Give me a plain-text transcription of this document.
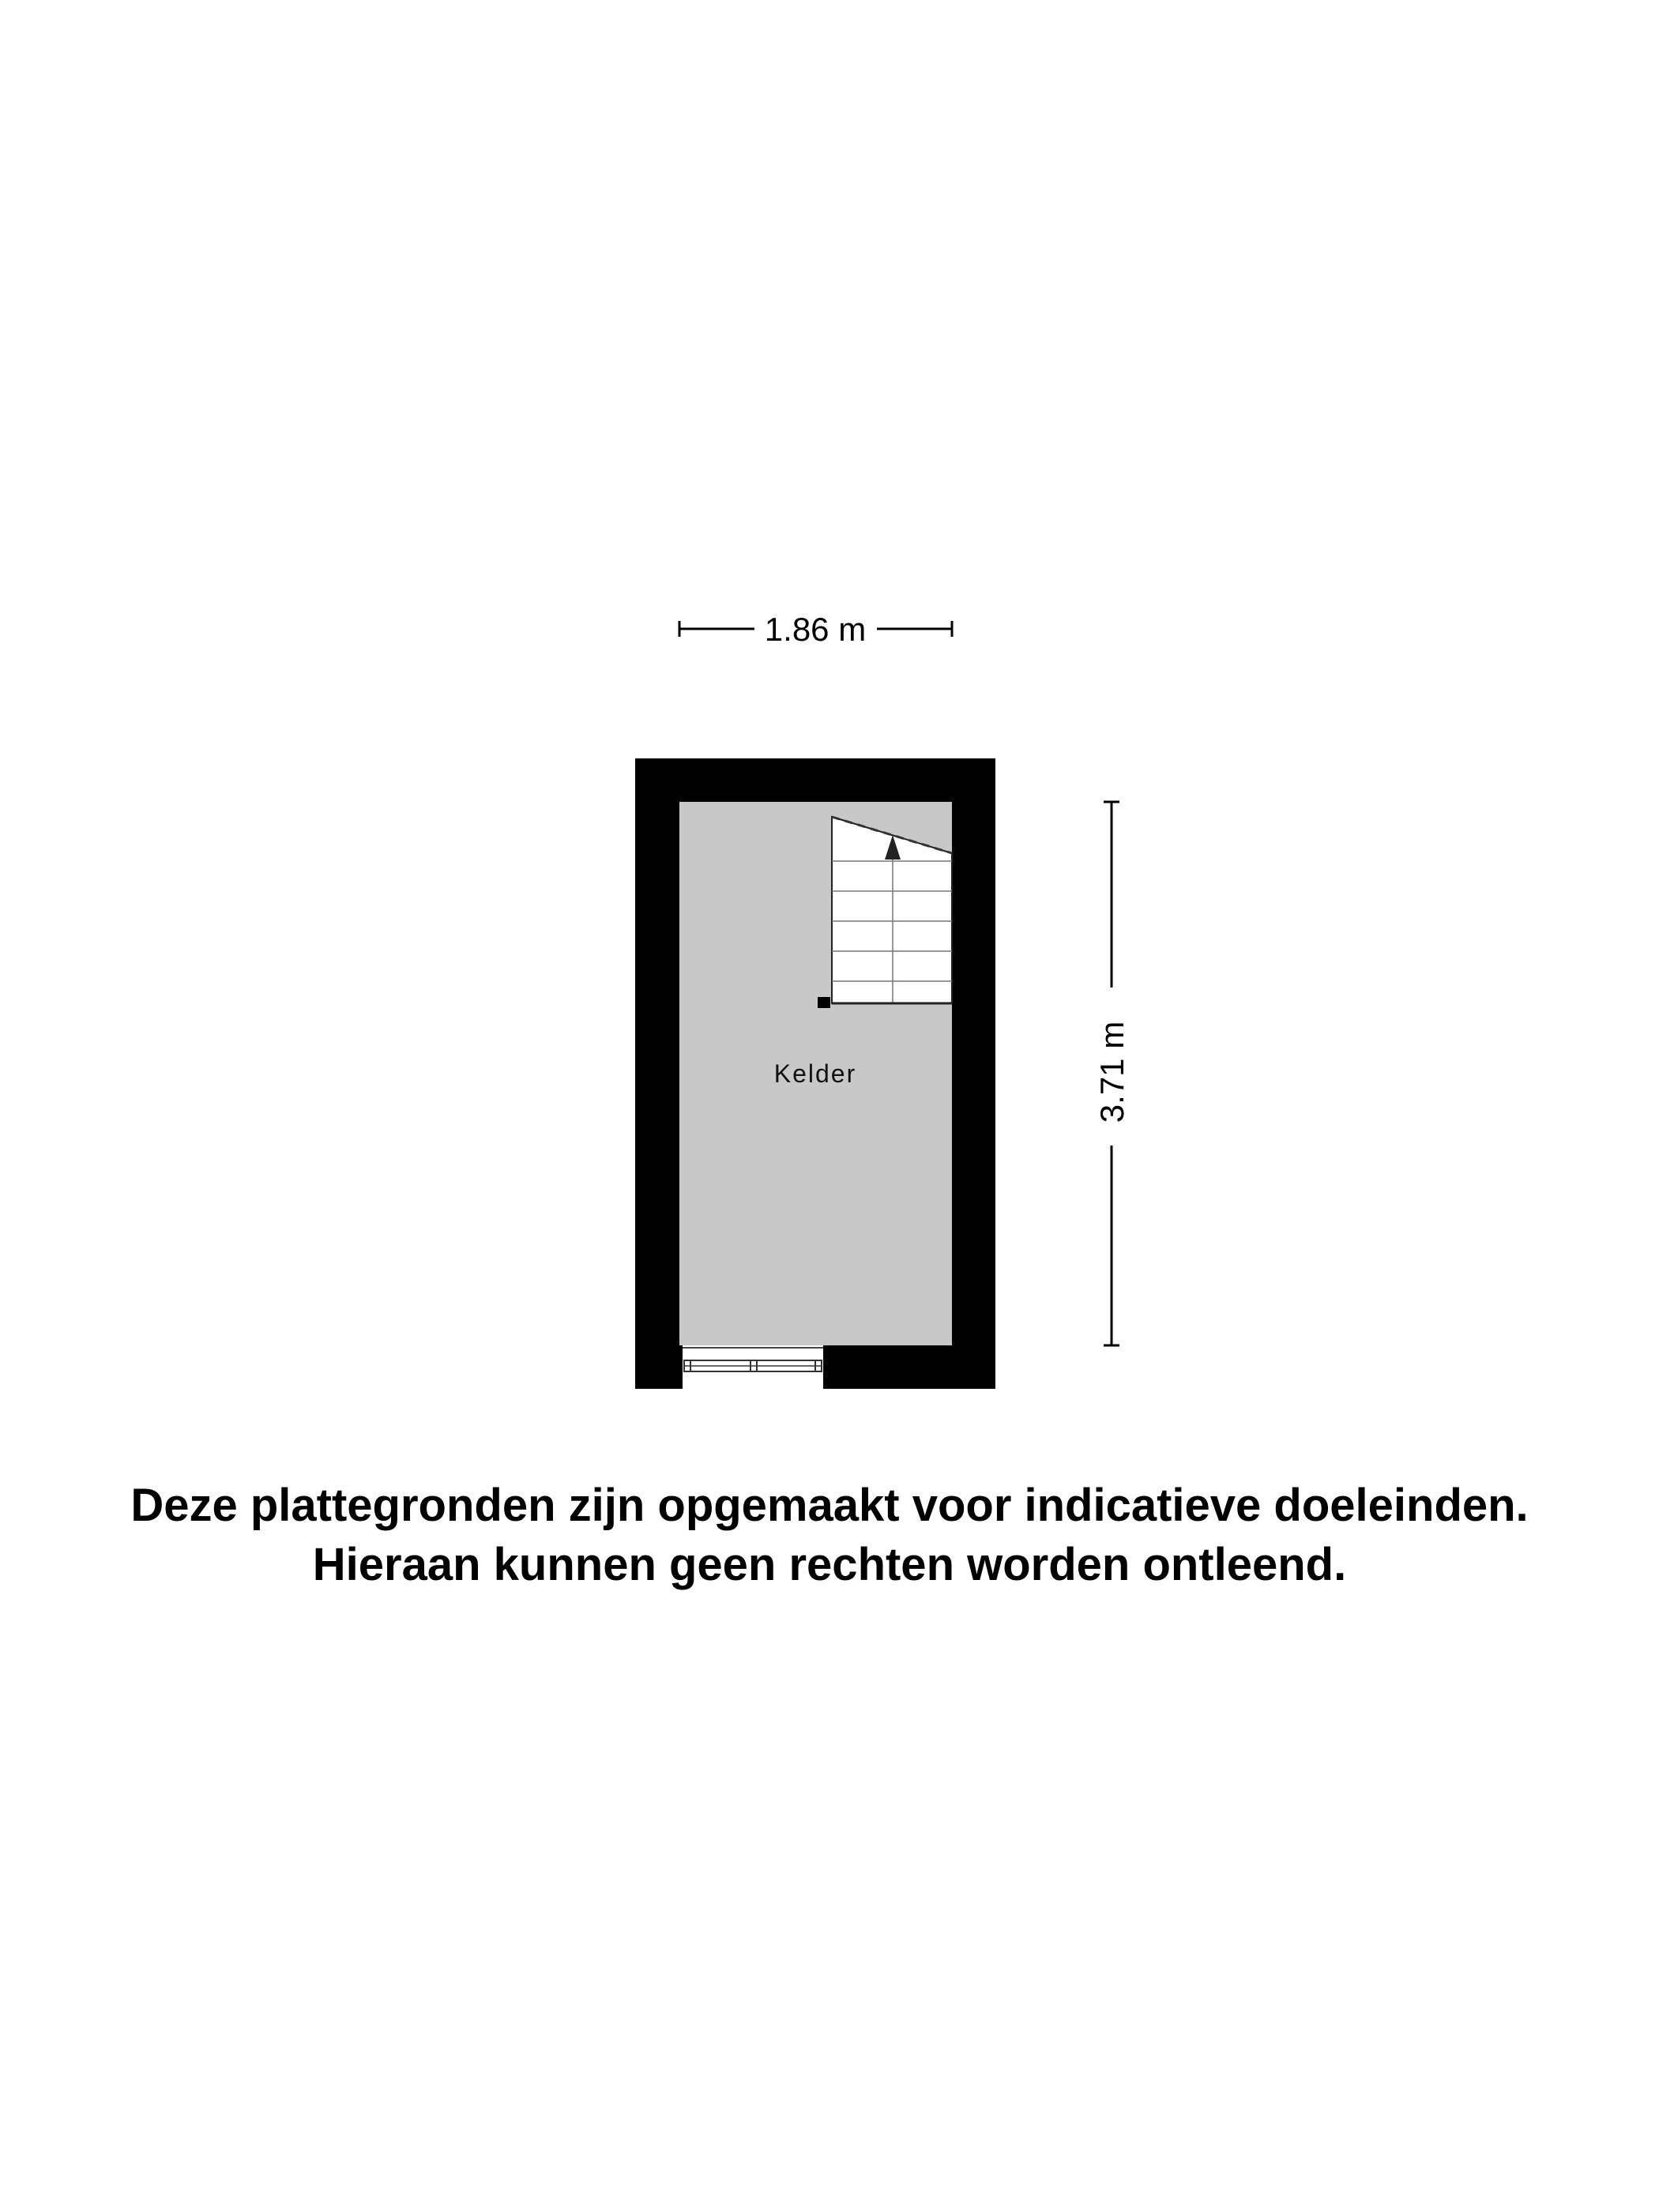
1.86 m
Kelder	3.71 m
Deze plattegronden zijn opgemaakt voor indicatieve doeleinden.
Hieraan kunnen geen rechten worden ontleend.
